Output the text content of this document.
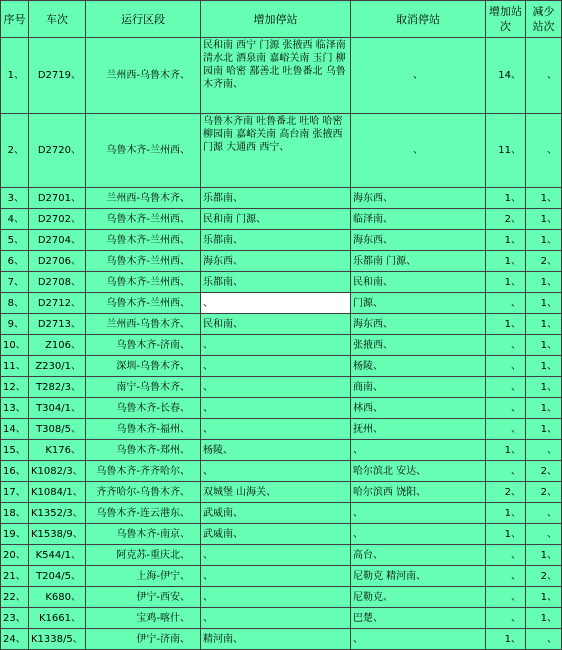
序号	车次	运行区段	增加停站	取消停站	增加站次	减少站次
1、	D2719、	兰州西-乌鲁木齐、	民和南 西宁 门源 张掖西 临泽南 清水北 酒泉南 嘉峪关南 玉门 柳园南 哈密 鄯善北 吐鲁番北 乌鲁木齐南、	、	14、	、
2、	D2720、	乌鲁木齐-兰州西、	乌鲁木齐南 吐鲁番北 吐哈 哈密 柳园南 嘉峪关南 高台南 张掖西 门源 大通西 西宁、	、	11、	、
3、	D2701、	兰州西-乌鲁木齐、	乐都南、	海东西、	1、	1、
4、	D2702、	乌鲁木齐-兰州西、	民和南 门源、	临泽南、	2、	1、
5、	D2704、	乌鲁木齐-兰州西、	乐都南、	海东西、	1、	1、
6、	D2706、	乌鲁木齐-兰州西、	海东西、	乐都南 门源、	1、	2、
7、	D2708、	乌鲁木齐-兰州西、	乐都南、	民和南、	1、	1、
8、	D2712、	乌鲁木齐-兰州西、	、	门源、	、	1、
9、	D2713、	兰州西-乌鲁木齐、	民和南、	海东西、	1、	1、
10、	Z106、	乌鲁木齐-济南、	、	张掖西、	、	1、
11、	Z230/1、	深圳-乌鲁木齐、	、	杨陵、	、	1、
12、	T282/3、	南宁-乌鲁木齐、	、	商南、	、	1、
13、	T304/1、	乌鲁木齐-长春、	、	林西、	、	1、
14、	T308/5、	乌鲁木齐-福州、	、	抚州、	、	1、
15、	K176、	乌鲁木齐-郑州、	杨陵、	、	1、	、
16、	K1082/3、	乌鲁木齐-齐齐哈尔、	、	哈尔滨北 安达、	、	2、
17、	K1084/1、	齐齐哈尔-乌鲁木齐、	双城堡 山海关、	哈尔滨西 饶阳、	2、	2、
18、	K1352/3、	乌鲁木齐-连云港东、	武威南、	、	1、	、
19、	K1538/9、	乌鲁木齐-南京、	武威南、	、	1、	、
20、	K544/1、	阿克苏-重庆北、	、	高台、	、	1、
21、	T204/5、	上海-伊宁、	、	尼勒克 精河南、	、	2、
22、	K680、	伊宁-西安、	、	尼勒克、	、	1、
23、	K1661、	宝鸡-喀什、	、	巴楚、	、	1、
24、	K1338/5、	伊宁-济南、	精河南、	、	1、	、
